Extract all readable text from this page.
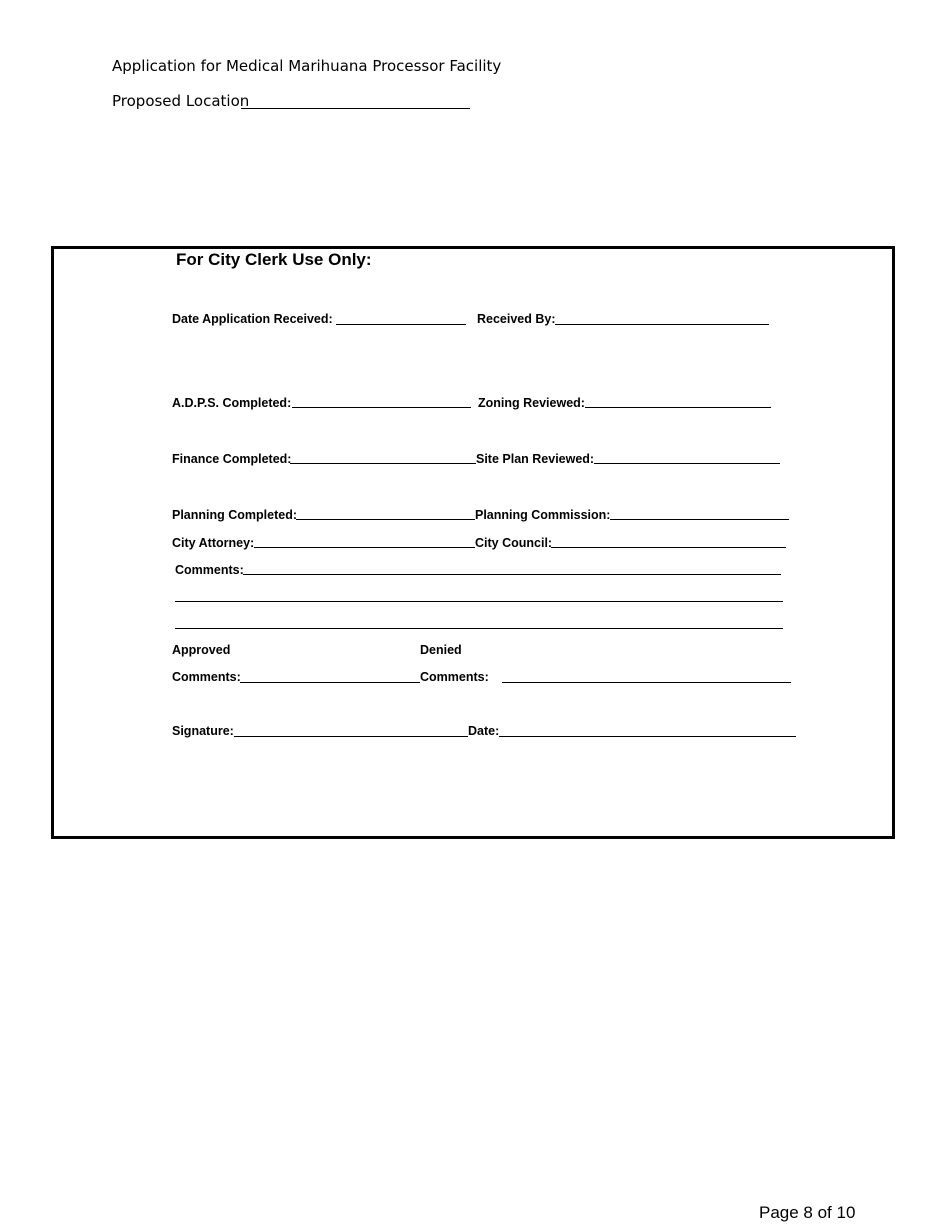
Application for Medical Marihuana Processor Facility
Proposed Location
For City Clerk Use Only:
Date Application Received:	Received By:
A.D.P.S. Completed:	Zoning Reviewed:
Finance Completed:	Site Plan Reviewed:
Planning Completed:	Planning Commission:
City Attorney:	City Council:
Comments:
Approved	Denied
Comments:	Comments:
Signature:	Date:
Page 8 of 10
